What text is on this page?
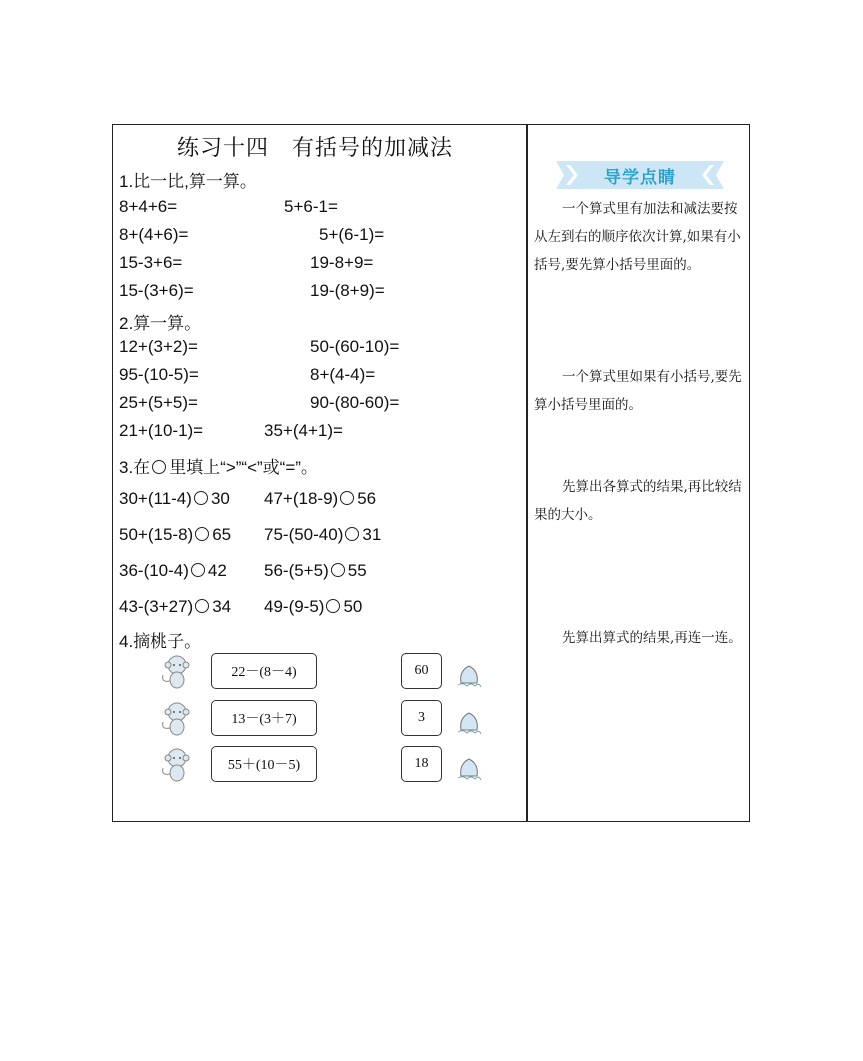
练习十四　有括号的加减法
1.比一比,算一算。
8+4+6=	5+6-1=
8+(4+6)=	5+(6-1)=
15-3+6=	19-8+9=
15-(3+6)=	19-(8+9)=
2.算一算。
12+(3+2)=	50-(60-10)=
95-(10-5)=	8+(4-4)=
25+(5+5)=	90-(80-60)=
21+(10-1)=	35+(4+1)=
3.在 里填上“>”“<”或“=”。
30+(11-4) 30 47+(18-9) 56
50+(15-8) 65 75-(50-40) 31
36-(10-4) 42 56-(5+5) 55
43-(3+27) 34 49-(9-5) 50
4.摘桃子。
22－(8－4)
13－(3＋7)
55＋(10－5)
60
3
18
导学点睛
一个算式里有加法和减法要按从左到右的顺序依次计算,如果有小括号,要先算小括号里面的。
一个算式里如果有小括号,要先算小括号里面的。
先算出各算式的结果,再比较结果的大小。
先算出算式的结果,再连一连。
